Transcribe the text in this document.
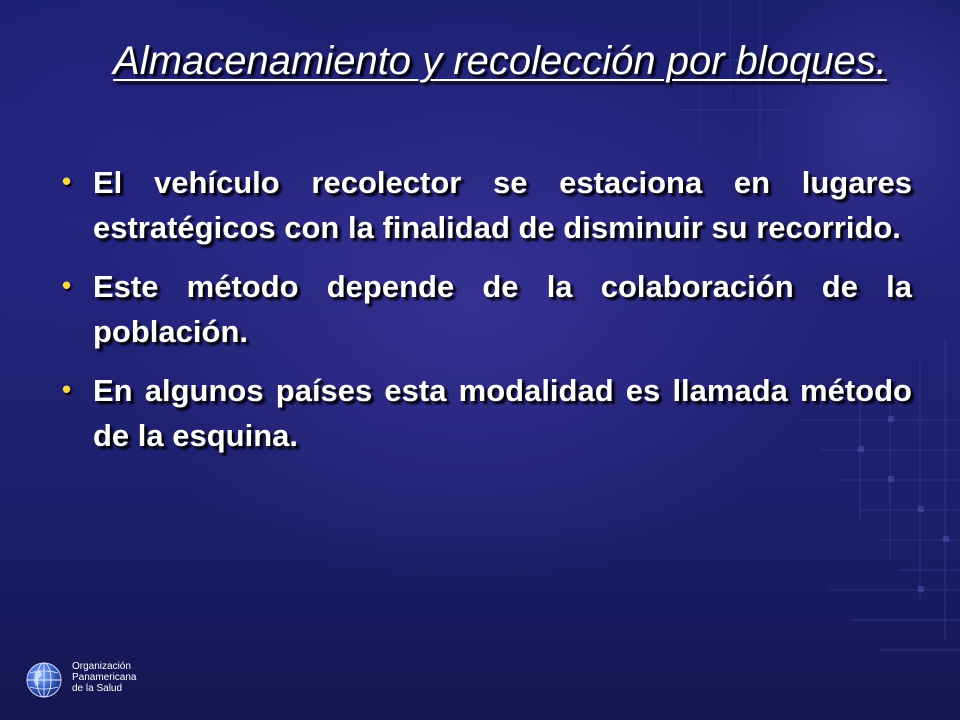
Almacenamiento y recolección por bloques.
• El vehículo recolector se estaciona en lugares estratégicos con la finalidad de disminuir su recorrido.
• Este método depende de la colaboración de la población.
• En algunos países esta modalidad es llamada método de la esquina.
Organización
Panamericana
de la Salud
